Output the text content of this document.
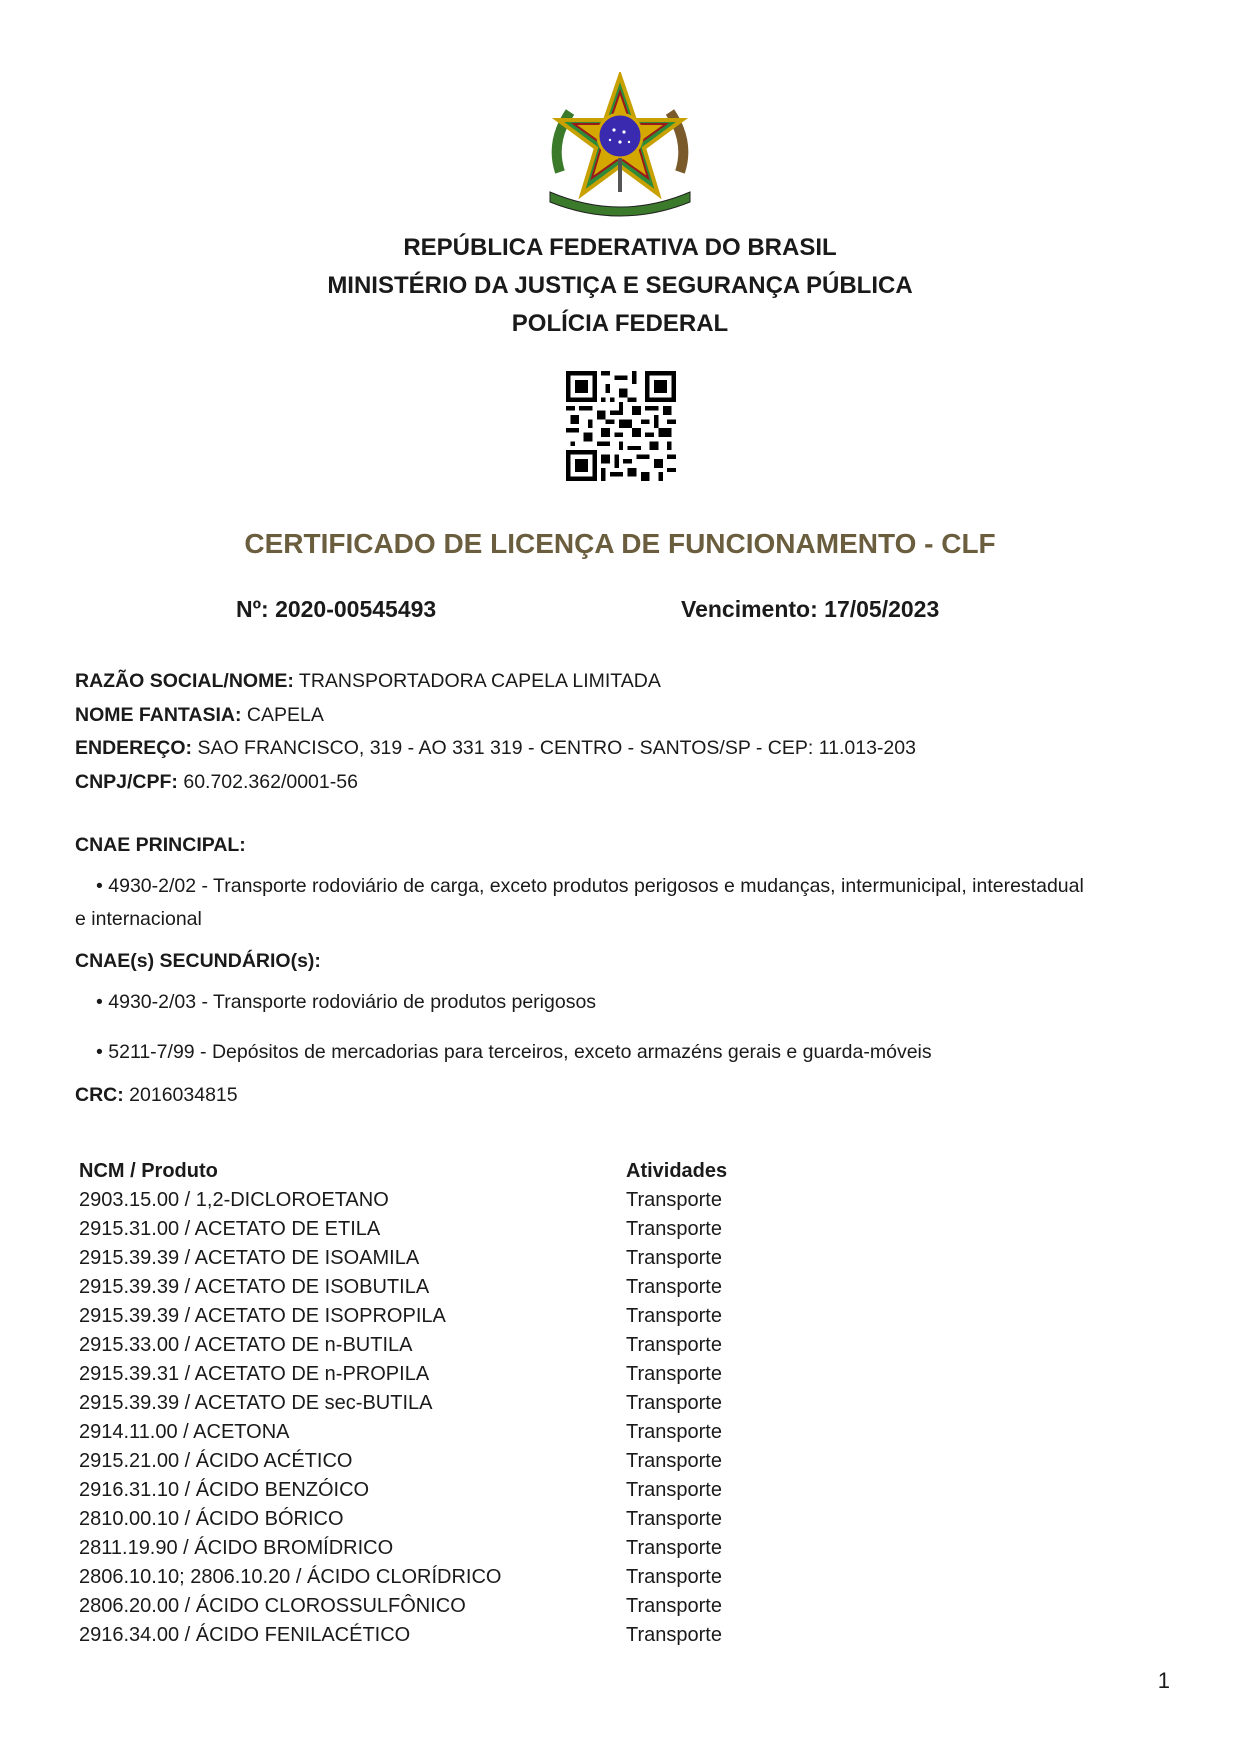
REPÚBLICA FEDERATIVA DO BRASIL
MINISTÉRIO DA JUSTIÇA E SEGURANÇA PÚBLICA
POLÍCIA FEDERAL
CERTIFICADO DE LICENÇA DE FUNCIONAMENTO - CLF
Nº: 2020-00545493	Vencimento: 17/05/2023
RAZÃO SOCIAL/NOME: TRANSPORTADORA CAPELA LIMITADA
NOME FANTASIA: CAPELA
ENDEREÇO: SAO FRANCISCO, 319 - AO 331 319 - CENTRO - SANTOS/SP - CEP: 11.013-203
CNPJ/CPF: 60.702.362/0001-56
CNAE PRINCIPAL:
• 4930-2/02 - Transporte rodoviário de carga, exceto produtos perigosos e mudanças, intermunicipal, interestadual
e internacional
CNAE(s) SECUNDÁRIO(s):
• 4930-2/03 - Transporte rodoviário de produtos perigosos
• 5211-7/99 - Depósitos de mercadorias para terceiros, exceto armazéns gerais e guarda-móveis
CRC: 2016034815
NCM / Produto	Atividades
2903.15.00 / 1,2-DICLOROETANO	Transporte
2915.31.00 / ACETATO DE ETILA	Transporte
2915.39.39 / ACETATO DE ISOAMILA	Transporte
2915.39.39 / ACETATO DE ISOBUTILA	Transporte
2915.39.39 / ACETATO DE ISOPROPILA	Transporte
2915.33.00 / ACETATO DE n-BUTILA	Transporte
2915.39.31 / ACETATO DE n-PROPILA	Transporte
2915.39.39 / ACETATO DE sec-BUTILA	Transporte
2914.11.00 / ACETONA	Transporte
2915.21.00 / ÁCIDO ACÉTICO	Transporte
2916.31.10 / ÁCIDO BENZÓICO	Transporte
2810.00.10 / ÁCIDO BÓRICO	Transporte
2811.19.90 / ÁCIDO BROMÍDRICO	Transporte
2806.10.10; 2806.10.20 / ÁCIDO CLORÍDRICO	Transporte
2806.20.00 / ÁCIDO CLOROSSULFÔNICO	Transporte
2916.34.00 / ÁCIDO FENILACÉTICO	Transporte
1
